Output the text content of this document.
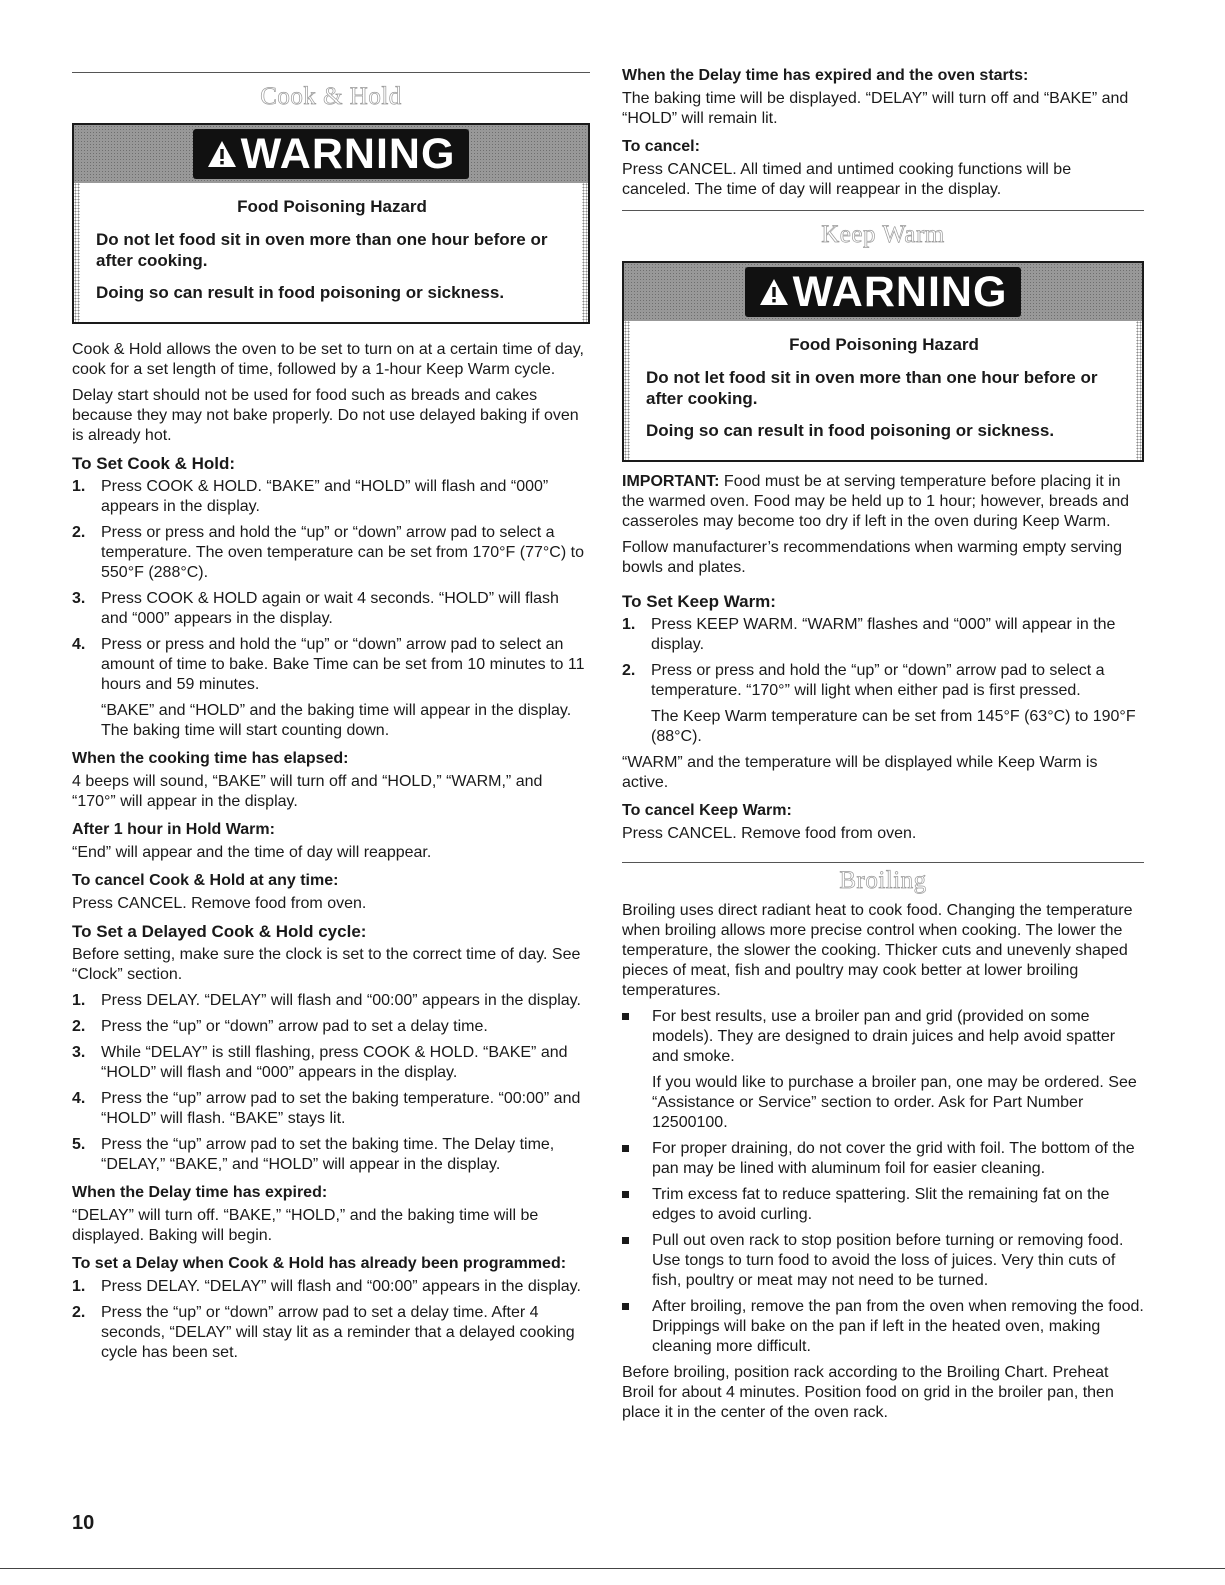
Cook & Hold
WARNING
Food Poisoning Hazard
Do not let food sit in oven more than one hour before or after cooking.
Doing so can result in food poisoning or sickness.

Cook & Hold allows the oven to be set to turn on at a certain time of day, cook for a set length of time, followed by a 1-hour Keep Warm cycle.

Delay start should not be used for food such as breads and cakes because they may not bake properly. Do not use delayed baking if oven is already hot.

To Set Cook & Hold:
1. Press COOK & HOLD. “BAKE” and “HOLD” will flash and “000” appears in the display.
2. Press or press and hold the “up” or “down” arrow pad to select a temperature. The oven temperature can be set from 170°F (77°C) to 550°F (288°C).
3. Press COOK & HOLD again or wait 4 seconds. “HOLD” will flash and “000” appears in the display.
4. Press or press and hold the “up” or “down” arrow pad to select an amount of time to bake. Bake Time can be set from 10 minutes to 11 hours and 59 minutes.
“BAKE” and “HOLD” and the baking time will appear in the display. The baking time will start counting down.
When the cooking time has elapsed:

4 beeps will sound, “BAKE” will turn off and “HOLD,” “WARM,” and “170°” will appear in the display.

After 1 hour in Hold Warm:

“End” will appear and the time of day will reappear.

To cancel Cook & Hold at any time:

Press CANCEL. Remove food from oven.

To Set a Delayed Cook & Hold cycle:

Before setting, make sure the clock is set to the correct time of day. See “Clock” section.

1. Press DELAY. “DELAY” will flash and “00:00” appears in the display.
2. Press the “up” or “down” arrow pad to set a delay time.
3. While “DELAY” is still flashing, press COOK & HOLD. “BAKE” and “HOLD” will flash and “000” appears in the display.
4. Press the “up” arrow pad to set the baking temperature. “00:00” and “HOLD” will flash. “BAKE” stays lit.
5. Press the “up” arrow pad to set the baking time. The Delay time, “DELAY,” “BAKE,” and “HOLD” will appear in the display.
When the Delay time has expired:

“DELAY” will turn off. “BAKE,” “HOLD,” and the baking time will be displayed. Baking will begin.

To set a Delay when Cook & Hold has already been programmed:
1. Press DELAY. “DELAY” will flash and “00:00” appears in the display.
2. Press the “up” or “down” arrow pad to set a delay time. After 4 seconds, “DELAY” will stay lit as a reminder that a delayed cooking cycle has been set.
When the Delay time has expired and the oven starts:

The baking time will be displayed. “DELAY” will turn off and “BAKE” and “HOLD” will remain lit.

To cancel:

Press CANCEL. All timed and untimed cooking functions will be canceled. The time of day will reappear in the display.

Keep Warm
WARNING
Food Poisoning Hazard
Do not let food sit in oven more than one hour before or after cooking.
Doing so can result in food poisoning or sickness.

IMPORTANT: Food must be at serving temperature before placing it in the warmed oven. Food may be held up to 1 hour; however, breads and casseroles may become too dry if left in the oven during Keep Warm.

Follow manufacturer’s recommendations when warming empty serving bowls and plates.

To Set Keep Warm:
1. Press KEEP WARM. “WARM” flashes and “000” will appear in the display.
2. Press or press and hold the “up” or “down” arrow pad to select a temperature. “170°” will light when either pad is first pressed.
The Keep Warm temperature can be set from 145°F (63°C) to 190°F (88°C).

“WARM” and the temperature will be displayed while Keep Warm is active.

To cancel Keep Warm:

Press CANCEL. Remove food from oven.

Broiling

Broiling uses direct radiant heat to cook food. Changing the temperature when broiling allows more precise control when cooking. The lower the temperature, the slower the cooking. Thicker cuts and unevenly shaped pieces of meat, fish and poultry may cook better at lower broiling temperatures.

For best results, use a broiler pan and grid (provided on some models). They are designed to drain juices and help avoid spatter and smoke.
If you would like to purchase a broiler pan, one may be ordered. See “Assistance or Service” section to order. Ask for Part Number 12500100.
For proper draining, do not cover the grid with foil. The bottom of the pan may be lined with aluminum foil for easier cleaning.
Trim excess fat to reduce spattering. Slit the remaining fat on the edges to avoid curling.
Pull out oven rack to stop position before turning or removing food. Use tongs to turn food to avoid the loss of juices. Very thin cuts of fish, poultry or meat may not need to be turned.
After broiling, remove the pan from the oven when removing the food. Drippings will bake on the pan if left in the heated oven, making cleaning more difficult.

Before broiling, position rack according to the Broiling Chart. Preheat Broil for about 4 minutes. Position food on grid in the broiler pan, then place it in the center of the oven rack.

10
